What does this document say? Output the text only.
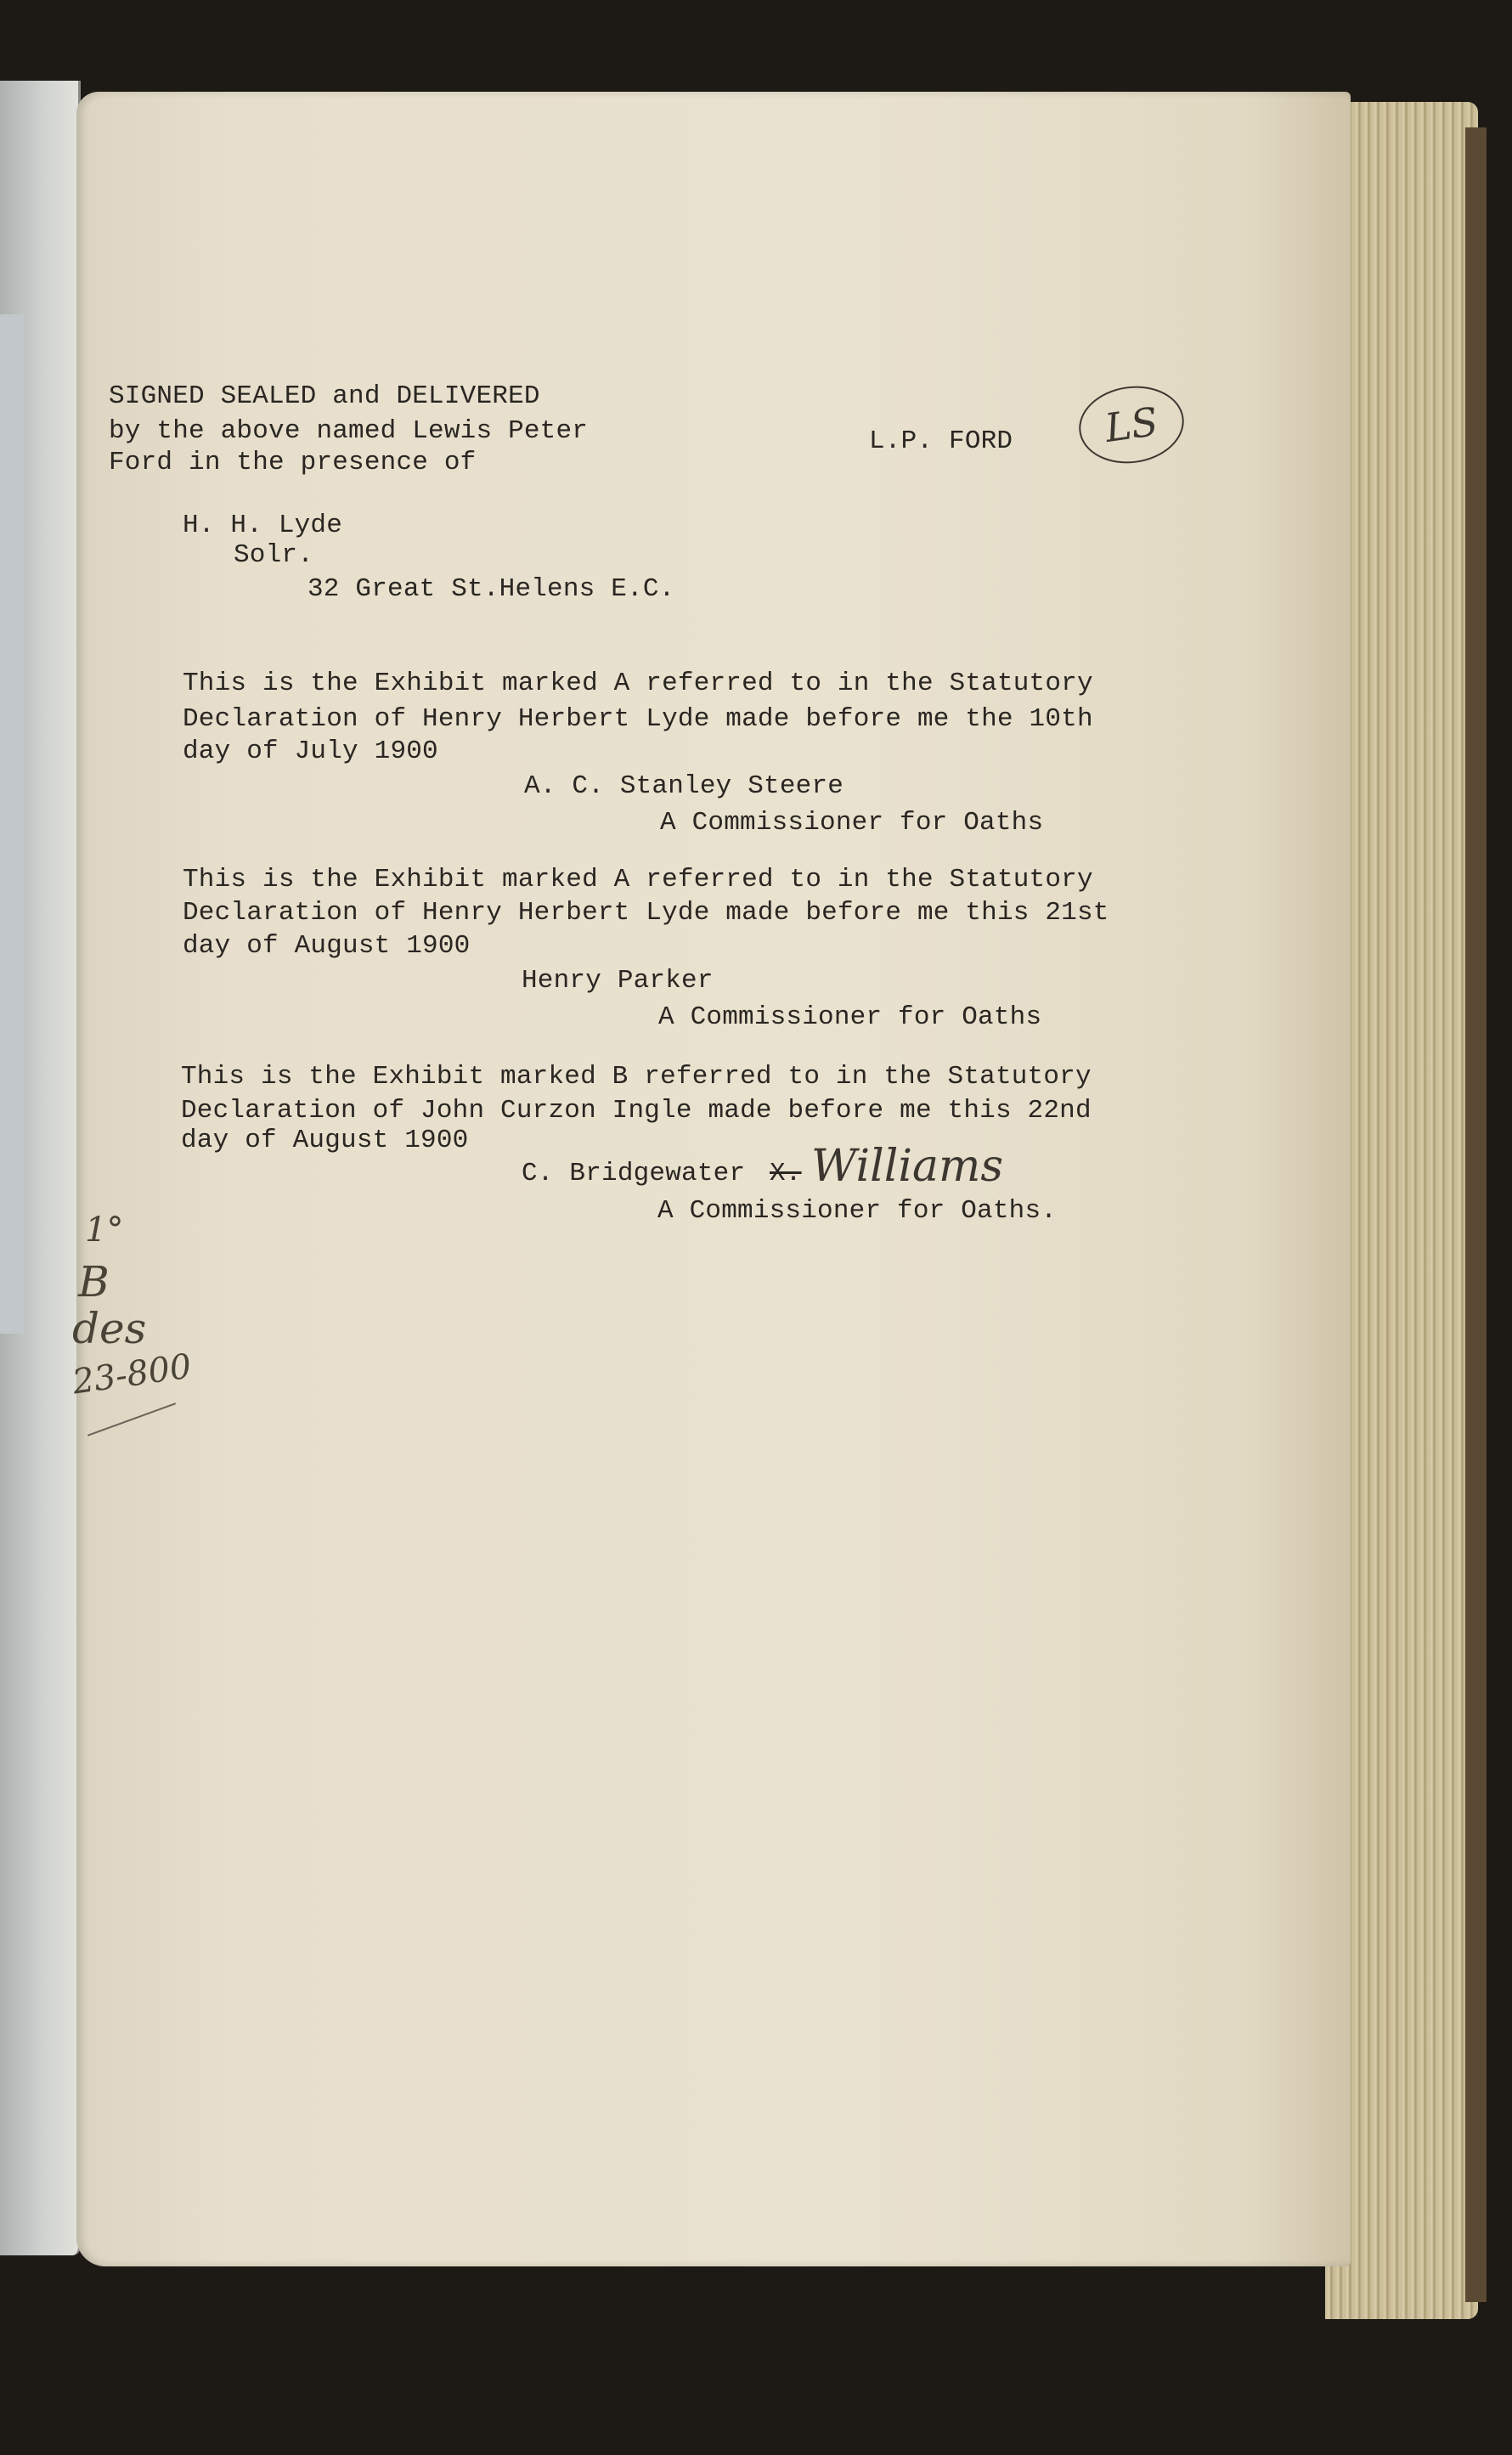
SIGNED SEALED and DELIVERED
by the above named Lewis Peter
Ford in the presence of
L.P. FORD	LS
H. H. Lyde
Solr.
32 Great St.Helens E.C.
This is the Exhibit marked A referred to in the Statutory
Declaration of Henry Herbert Lyde made before me the 10th
day of July 1900
A. C. Stanley Steere
A Commissioner for Oaths
This is the Exhibit marked A referred to in the Statutory
Declaration of Henry Herbert Lyde made before me this 21st
day of August 1900
Henry Parker
A Commissioner for Oaths
This is the Exhibit marked B referred to in the Statutory
Declaration of John Curzon Ingle made before me this 22nd
day of August 1900
C. Bridgewater X. Williams
A Commissioner for Oaths.
1°
B
des
23-800
